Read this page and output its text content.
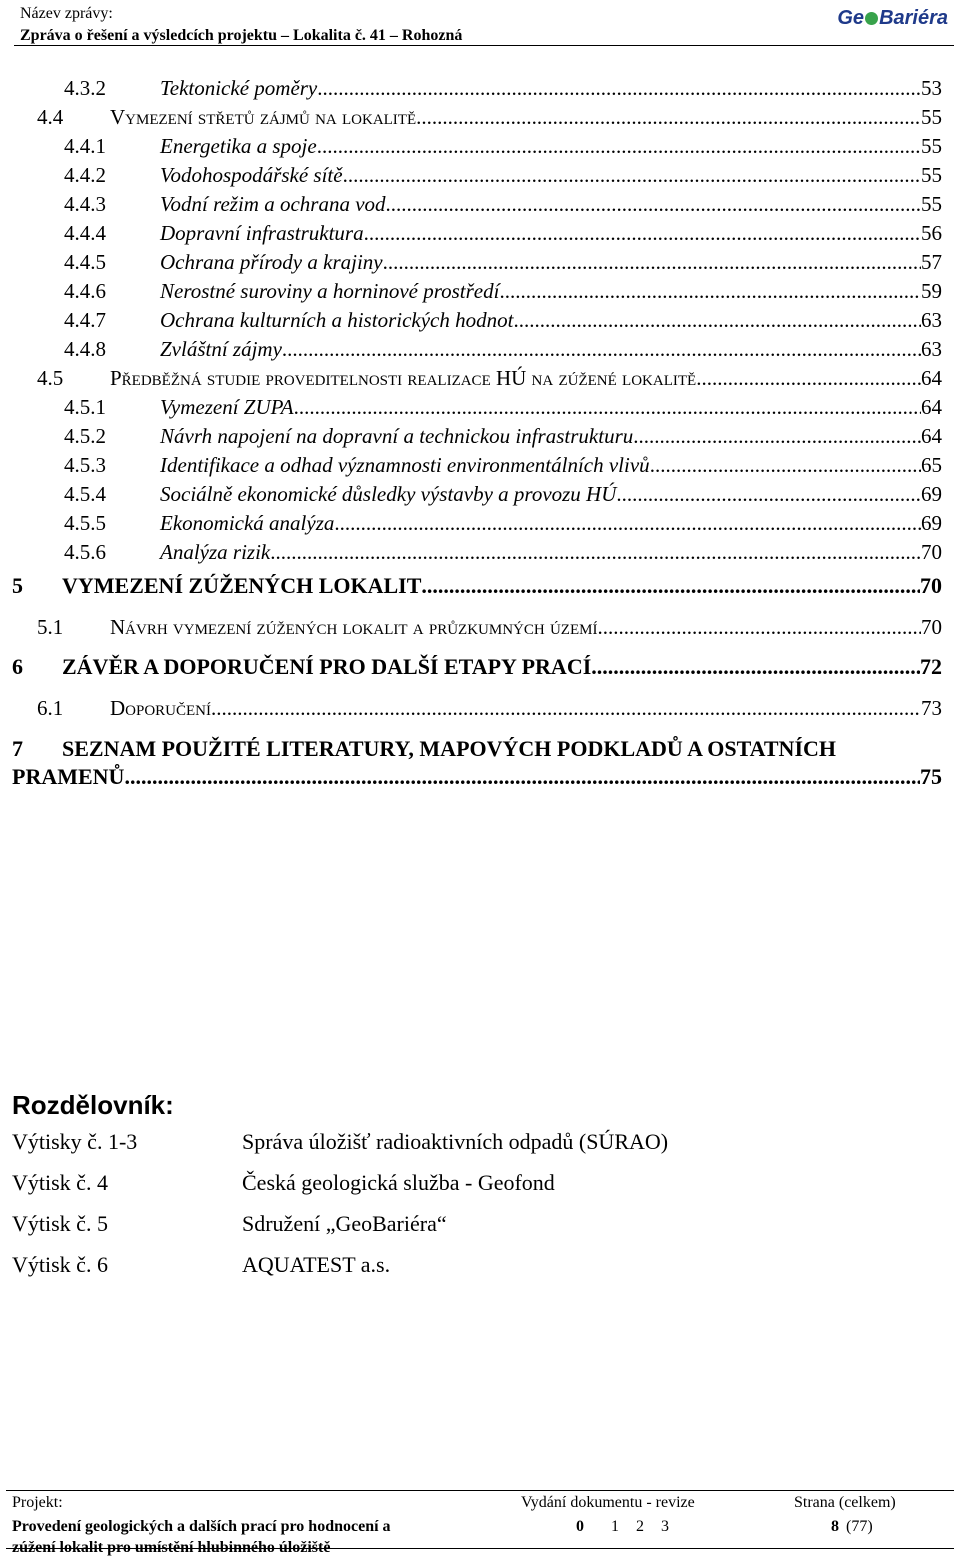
Název zprávy:
Zpráva o řešení a výsledcích projektu – Lokalita č. 41 – Rohozná
Ge Bariéra
4.3.2	Tektonické poměry .....	53
4.4 Vymezení střetů zájmů na lokalitě .....	55
4.4.1	Energetika a spoje .....	55
4.4.2	Vodohospodářské sítě .....	55
4.4.3	Vodní režim a ochrana vod .....	55
4.4.4	Dopravní infrastruktura .....	56
4.4.5	Ochrana přírody a krajiny .....	57
4.4.6	Nerostné suroviny a horninové prostředí .....	59
4.4.7	Ochrana kulturních a historických hodnot .....	63
4.4.8	Zvláštní zájmy .....	63
4.5 Předběžná studie proveditelnosti realizace HÚ na zúžené lokalitě .....	64
4.5.1	Vymezení ZUPA .....	64
4.5.2	Návrh napojení na dopravní a technickou infrastrukturu .....	64
4.5.3	Identifikace a odhad významnosti environmentálních vlivů .....	65
4.5.4	Sociálně ekonomické důsledky výstavby a provozu HÚ .....	69
4.5.5	Ekonomická analýza .....	69
4.5.6	Analýza rizik .....	70
5 VYMEZENÍ ZÚŽENÝCH LOKALIT .....	70
5.1 Návrh vymezení zúžených lokalit a průzkumných území .....	70
6 ZÁVĚR A DOPORUČENÍ PRO DALŠÍ ETAPY PRACÍ .....	72
6.1 Doporučení .....	73
7 SEZNAM POUŽITÉ LITERATURY, MAPOVÝCH PODKLADŮ A OSTATNÍCH
PRAMENŮ .....	75
Rozdělovník:
Výtisky č. 1-3	Správa úložišť radioaktivních odpadů (SÚRAO)
Výtisk č. 4	Česká geologická služba - Geofond
Výtisk č. 5	Sdružení „GeoBariéra“
Výtisk č. 6	AQUATEST a.s.
Projekt:	Vydání dokumentu - revize	Strana (celkem)
Provedení geologických a dalších prací pro hodnocení a
zúžení lokalit pro umístění hlubinného úložiště
0 1 2 3	8 (77)
